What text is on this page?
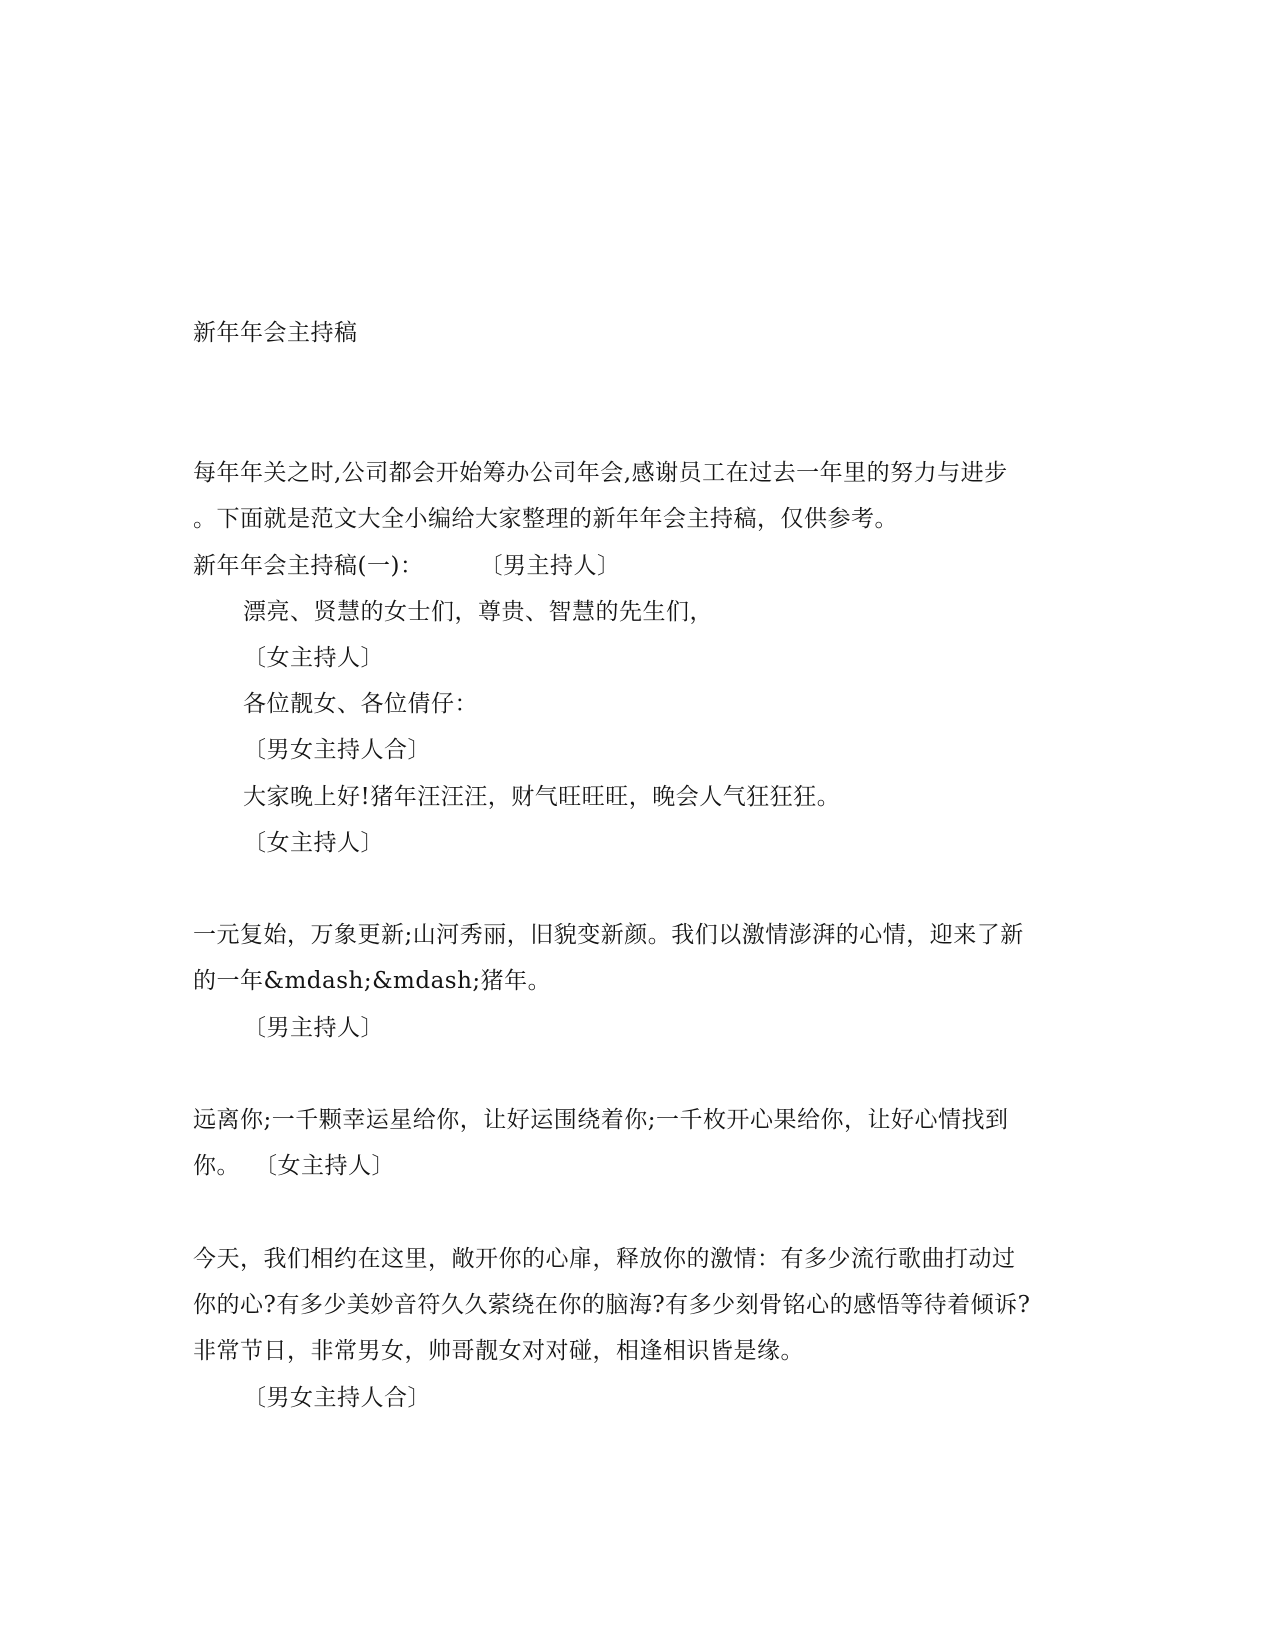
新年年会主持稿
每年年关之时,公司都会开始筹办公司年会,感谢员工在过去一年里的努力与进步
。下面就是范文大全小编给大家整理的新年年会主持稿，仅供参考。
新年年会主持稿(一)： 〔男主持人〕
漂亮、贤慧的女士们，尊贵、智慧的先生们，
〔女主持人〕
各位靓女、各位倩仔：
〔男女主持人合〕
大家晚上好!猪年汪汪汪，财气旺旺旺，晚会人气狂狂狂。
〔女主持人〕
一元复始，万象更新;山河秀丽，旧貌变新颜。我们以激情澎湃的心情，迎来了新
的一年&mdash;&mdash;猪年。
〔男主持人〕
远离你;一千颗幸运星给你，让好运围绕着你;一千枚开心果给你，让好心情找到
你。 〔女主持人〕
今天，我们相约在这里，敞开你的心扉，释放你的激情：有多少流行歌曲打动过
你的心?有多少美妙音符久久萦绕在你的脑海?有多少刻骨铭心的感悟等待着倾诉?
非常节日，非常男女，帅哥靓女对对碰，相逢相识皆是缘。
〔男女主持人合〕
